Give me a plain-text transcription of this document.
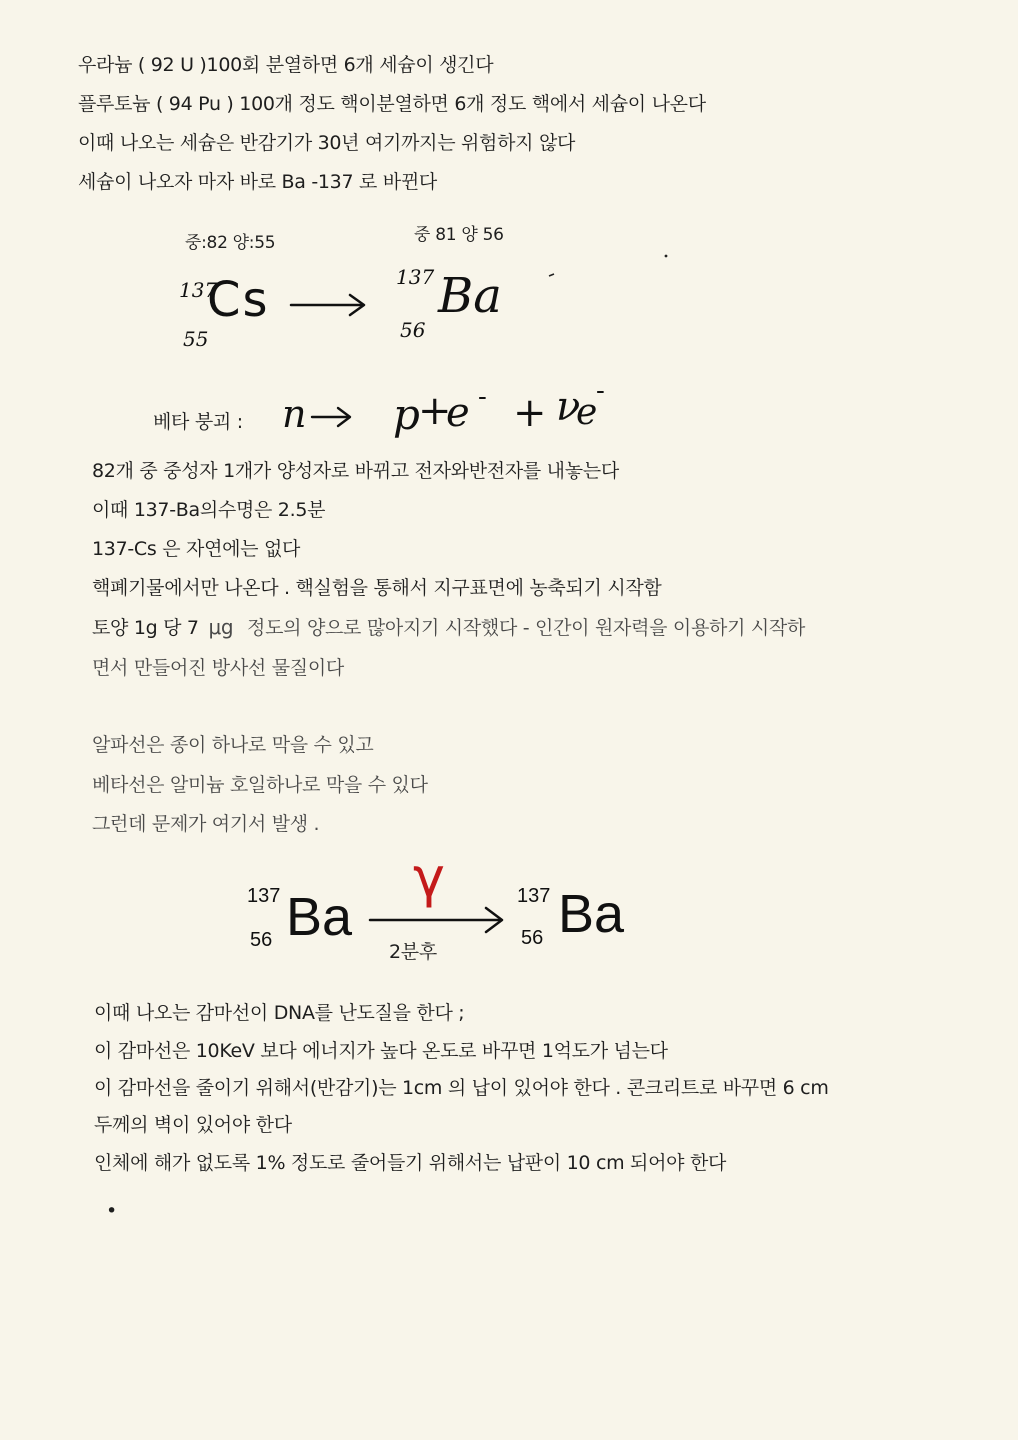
우라늄 ( 92 U )100회 분열하면 6개 세슘이 생긴다
플루토늄 ( 94 Pu ) 100개 정도 핵이분열하면 6개 정도 핵에서 세슘이 나온다
이때 나오는 세슘은 반감기가 30년 여기까지는 위험하지 않다
세슘이 나오자 마자 바로 Ba -137 로 바뀐다
중:82 양:55	중 81 양 56
137
55
Cs	137
56
Ba
베타 붕괴 : n p
+
e - + ν
e
-
82개 중 중성자 1개가 양성자로 바뀌고 전자와반전자를 내놓는다
이때 137-Ba의수명은 2.5분
137-Cs 은 자연에는 없다
핵폐기물에서만 나온다 . 핵실험을 통해서 지구표면에 농축되기 시작함
토양 1g 당 7 μg 정도의 양으로 많아지기 시작했다 - 인간이 원자력을 이용하기 시작하
면서 만들어진 방사선 물질이다
알파선은 종이 하나로 막을 수 있고
베타선은 알미늄 호일하나로 막을 수 있다
그런데 문제가 여기서 발생 .
137
56 Ba
γ
2분후
137
56 Ba
이때 나오는 감마선이 DNA를 난도질을 한다 ;
이 감마선은 10KeV 보다 에너지가 높다 온도로 바꾸면 1억도가 넘는다
이 감마선을 줄이기 위해서(반감기)는 1cm 의 납이 있어야 한다 . 콘크리트로 바꾸면 6 cm
두께의 벽이 있어야 한다
인체에 해가 없도록 1% 정도로 줄어들기 위해서는 납판이 10 cm 되어야 한다
•
